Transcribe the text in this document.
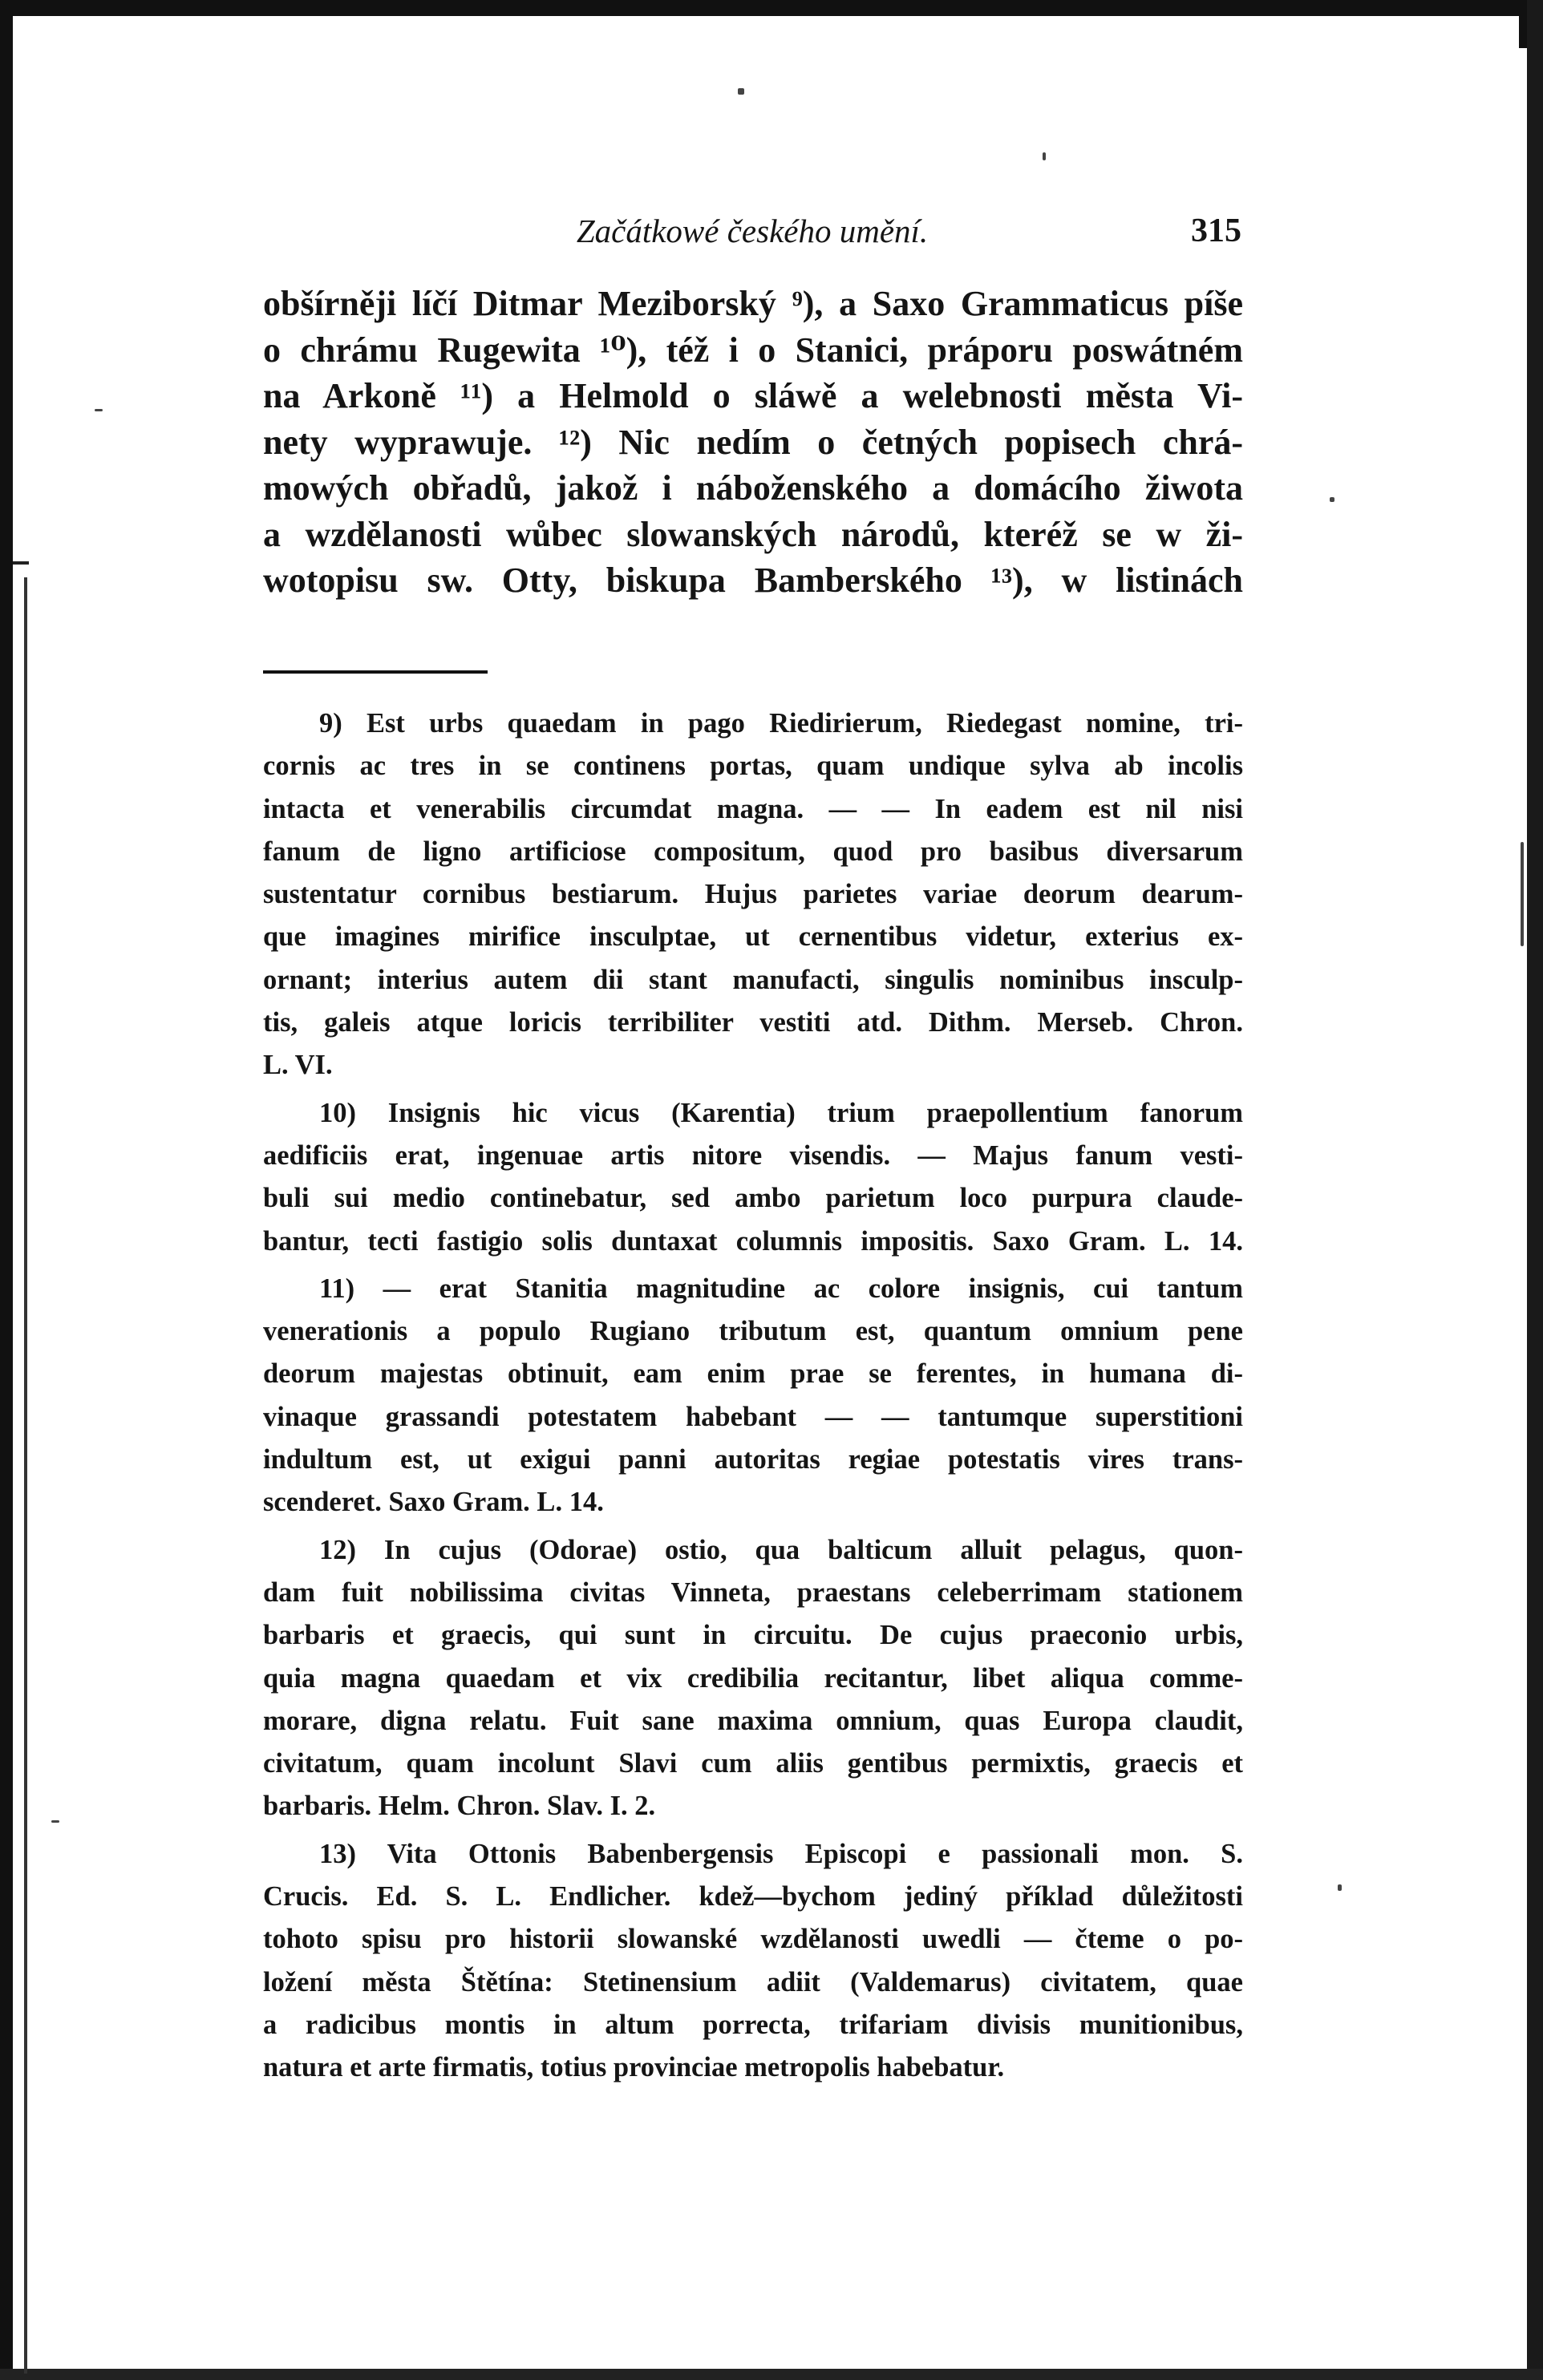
Začátkowé českého umění.	315
obšírněji líčí Ditmar Meziborský ⁹), a Saxo Grammaticus píše
o chrámu Rugewita ¹⁰), též i o Stanici, práporu poswátném
na Arkoně ¹¹) a Helmold o sláwě a welebnosti města Vi-
nety wyprawuje. ¹²) Nic nedím o četných popisech chrá-
mowých obřadů, jakož i náboženského a domácího žiwota
a wzdělanosti wůbec slowanských národů, kteréž se w ži-
wotopisu sw. Otty, biskupa Bamberského ¹³), w listinách

9) Est urbs quaedam in pago Riedirierum, Riedegast nomine, tri-
cornis ac tres in se continens portas, quam undique sylva ab incolis
intacta et venerabilis circumdat magna. — — In eadem est nil nisi
fanum de ligno artificiose compositum, quod pro basibus diversarum
sustentatur cornibus bestiarum. Hujus parietes variae deorum dearum-
que imagines mirifice insculptae, ut cernentibus videtur, exterius ex-
ornant; interius autem dii stant manufacti, singulis nominibus insculp-
tis, galeis atque loricis terribiliter vestiti atd. Dithm. Merseb. Chron.
L. VI.

10) Insignis hic vicus (Karentia) trium praepollentium fanorum
aedificiis erat, ingenuae artis nitore visendis. — Majus fanum vesti-
buli sui medio continebatur, sed ambo parietum loco purpura claude-
bantur, tecti fastigio solis duntaxat columnis impositis. Saxo Gram. L. 14.

11) — erat Stanitia magnitudine ac colore insignis, cui tantum
venerationis a populo Rugiano tributum est, quantum omnium pene
deorum majestas obtinuit, eam enim prae se ferentes, in humana di-
vinaque grassandi potestatem habebant — — tantumque superstitioni
indultum est, ut exigui panni autoritas regiae potestatis vires trans-
scenderet. Saxo Gram. L. 14.

12) In cujus (Odorae) ostio, qua balticum alluit pelagus, quon-
dam fuit nobilissima civitas Vinneta, praestans celeberrimam stationem
barbaris et graecis, qui sunt in circuitu. De cujus praeconio urbis,
quia magna quaedam et vix credibilia recitantur, libet aliqua comme-
morare, digna relatu. Fuit sane maxima omnium, quas Europa claudit,
civitatum, quam incolunt Slavi cum aliis gentibus permixtis, graecis et
barbaris. Helm. Chron. Slav. I. 2.

13) Vita Ottonis Babenbergensis Episcopi e passionali mon. S.
Crucis. Ed. S. L. Endlicher. kdež—bychom jediný příklad důležitosti
tohoto spisu pro historii slowanské wzdělanosti uwedli — čteme o po-
ložení města Štětína: Stetinensium adiit (Valdemarus) civitatem, quae
a radicibus montis in altum porrecta, trifariam divisis munitionibus,
natura et arte firmatis, totius provinciae metropolis habebatur.
